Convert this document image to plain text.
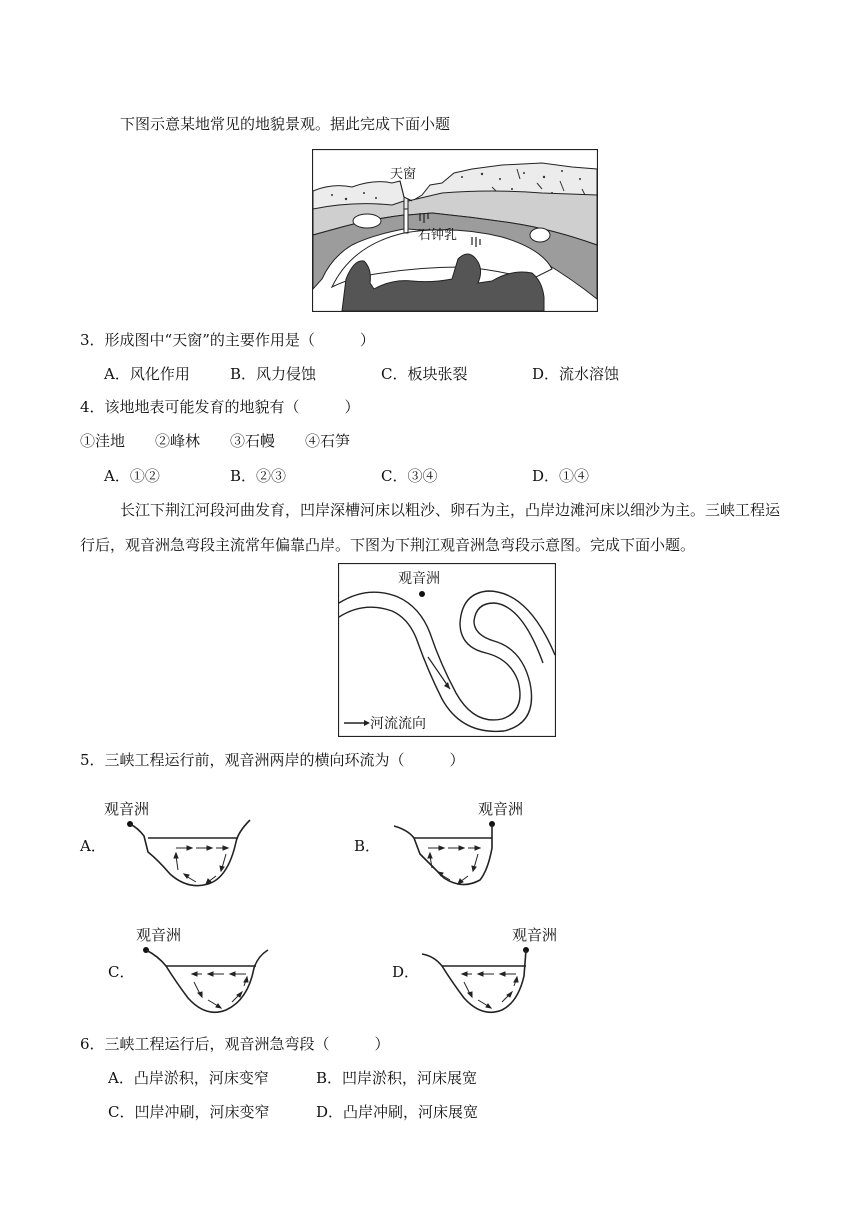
下图示意某地常见的地貌景观。据此完成下面小题
天窗
石钟乳
3．形成图中“天窗”的主要作用是（　　　）
A．风化作用	B．风力侵蚀	C．板块张裂	D．流水溶蚀
4．该地地表可能发育的地貌有（　　　）
①洼地　　②峰林　　③石幔　　④石笋
A．①②	B．②③	C．③④	D．①④
长江下荆江河段河曲发育，凹岸深槽河床以粗沙、卵石为主，凸岸边滩河床以细沙为主。三峡工程运
行后，观音洲急弯段主流常年偏靠凸岸。下图为下荆江观音洲急弯段示意图。完成下面小题。
观音洲
河流流向
5．三峡工程运行前，观音洲两岸的横向环流为（　　　）
A．
观音洲
B．
观音洲
C．
观音洲
D．
观音洲
6．三峡工程运行后，观音洲急弯段（　　　）
A．凸岸淤积，河床变窄	B．凹岸淤积，河床展宽
C．凹岸冲刷，河床变窄	D．凸岸冲刷，河床展宽
